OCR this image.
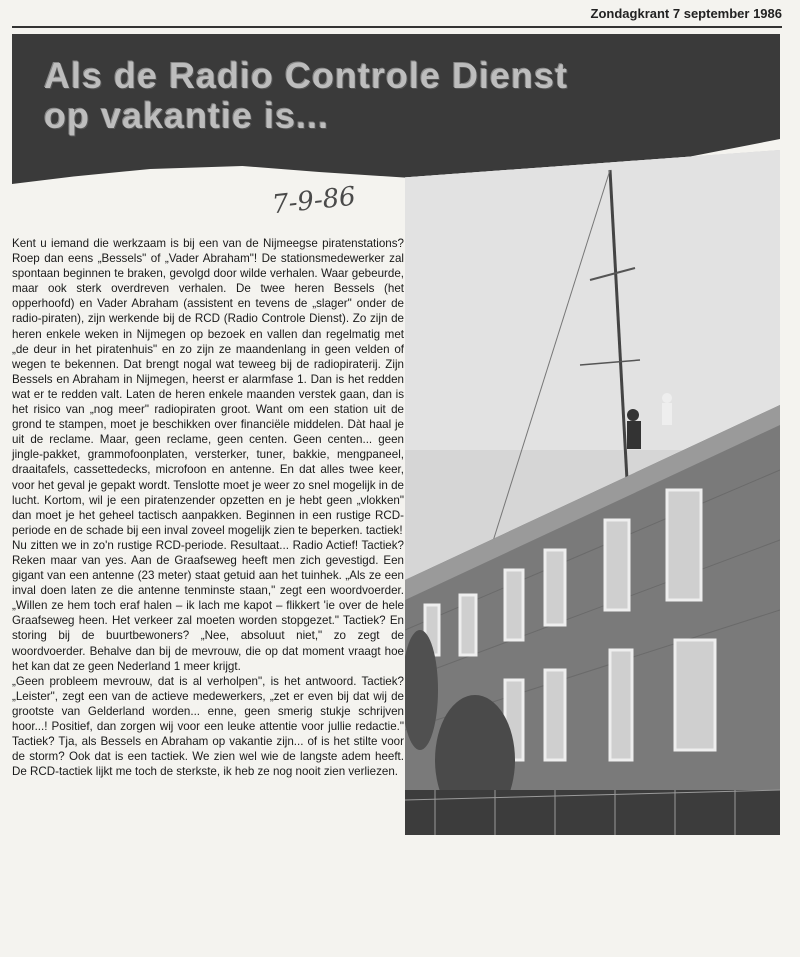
Zondagkrant 7 september 1986
Als de Radio Controle Dienst
op vakantie is...
7-9-86

Kent u iemand die werkzaam is bij een van de Nijmeegse piratenstations? Roep dan eens „Bessels" of „Vader Abraham"! De stationsmedewerker zal spontaan beginnen te braken, gevolgd door wilde verhalen. Waar gebeurde, maar ook sterk overdreven verhalen. De twee heren Bessels (het opperhoofd) en Vader Abraham (assistent en tevens de „slager" onder de radio-piraten), zijn werkende bij de RCD (Radio Controle Dienst). Zo zijn de heren enkele weken in Nijmegen op bezoek en vallen dan regelmatig met „de deur in het piratenhuis" en zo zijn ze maandenlang in geen velden of wegen te bekennen. Dat brengt nogal wat teweeg bij de radiopiraterij. Zijn Bessels en Abraham in Nijmegen, heerst er alarmfase 1. Dan is het redden wat er te redden valt. Laten de heren enkele maanden verstek gaan, dan is het risico van „nog meer" radiopiraten groot. Want om een station uit de grond te stampen, moet je beschikken over financiële middelen. Dàt haal je uit de reclame. Maar, geen reclame, geen centen. Geen centen... geen jingle-pakket, grammofoonplaten, versterker, tuner, bakkie, mengpaneel, draaitafels, cassettedecks, microfoon en antenne. En dat alles twee keer, voor het geval je gepakt wordt. Tenslotte moet je weer zo snel mogelijk in de lucht. Kortom, wil je een piratenzender opzetten en je hebt geen „vlokken" dan moet je het geheel tactisch aanpakken. Beginnen in een rustige RCD-periode en de schade bij een inval zoveel mogelijk zien te beperken. tactiek!

Nu zitten we in zo'n rustige RCD-periode. Resultaat... Radio Actief! Tactiek? Reken maar van yes. Aan de Graafseweg heeft men zich gevestigd. Een gigant van een antenne (23 meter) staat getuid aan het tuinhek. „Als ze een inval doen laten ze die antenne tenminste staan," zegt een woordvoerder. „Willen ze hem toch eraf halen – ik lach me kapot – flikkert 'ie over de hele Graafseweg heen. Het verkeer zal moeten worden stopgezet." Tactiek? En storing bij de buurtbewoners? „Nee, absoluut niet," zo zegt de woordvoerder. Behalve dan bij de mevrouw, die op dat moment vraagt hoe het kan dat ze geen Nederland 1 meer krijgt.

„Geen probleem mevrouw, dat is al verholpen", is het antwoord. Tactiek? „Leister", zegt een van de actieve medewerkers, „zet er even bij dat wij de grootste van Gelderland worden... enne, geen smerig stukje schrijven hoor...! Positief, dan zorgen wij voor een leuke attentie voor jullie redactie." Tactiek? Tja, als Bessels en Abraham op vakantie zijn... of is het stilte voor de storm? Ook dat is een tactiek. We zien wel wie de langste adem heeft. De RCD-tactiek lijkt me toch de sterkste, ik heb ze nog nooit zien verliezen.
